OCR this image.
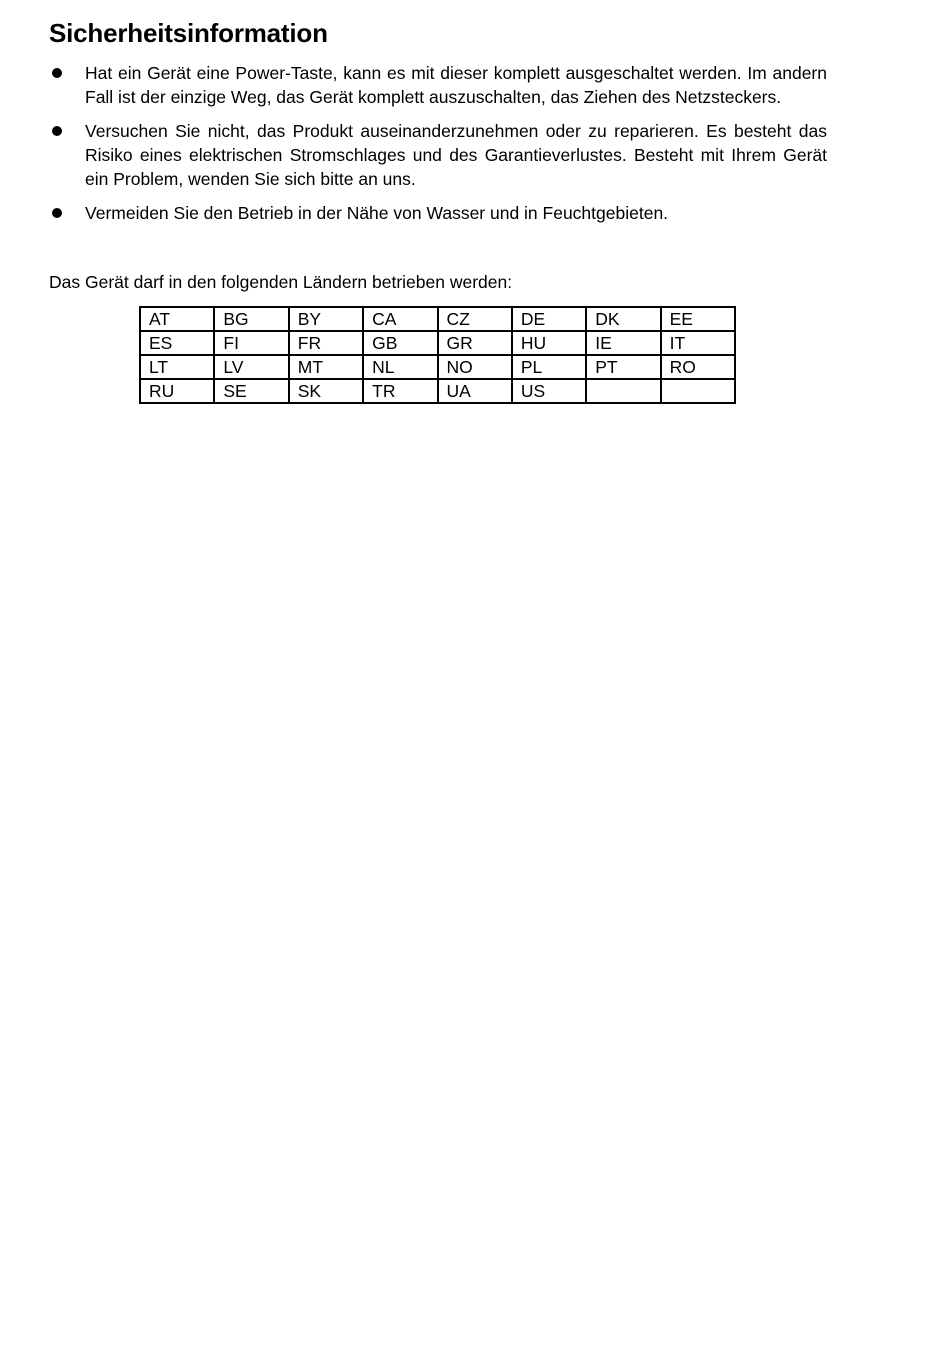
Sicherheitsinformation
Hat ein Gerät eine Power-Taste, kann es mit dieser komplett ausgeschaltet werden. Im andern Fall ist der einzige Weg, das Gerät komplett auszuschalten, das Ziehen des Netzsteckers.
Versuchen Sie nicht, das Produkt auseinanderzunehmen oder zu reparieren. Es besteht das Risiko eines elektrischen Stromschlages und des Garantieverlustes. Besteht mit Ihrem Gerät ein Problem, wenden Sie sich bitte an uns.
Vermeiden Sie den Betrieb in der Nähe von Wasser und in Feuchtgebieten.

Das Gerät darf in den folgenden Ländern betrieben werden:

AT	BG	BY	CA	CZ	DE	DK	EE
ES	FI	FR	GB	GR	HU	IE	IT
LT	LV	MT	NL	NO	PL	PT	RO
RU	SE	SK	TR	UA	US		
